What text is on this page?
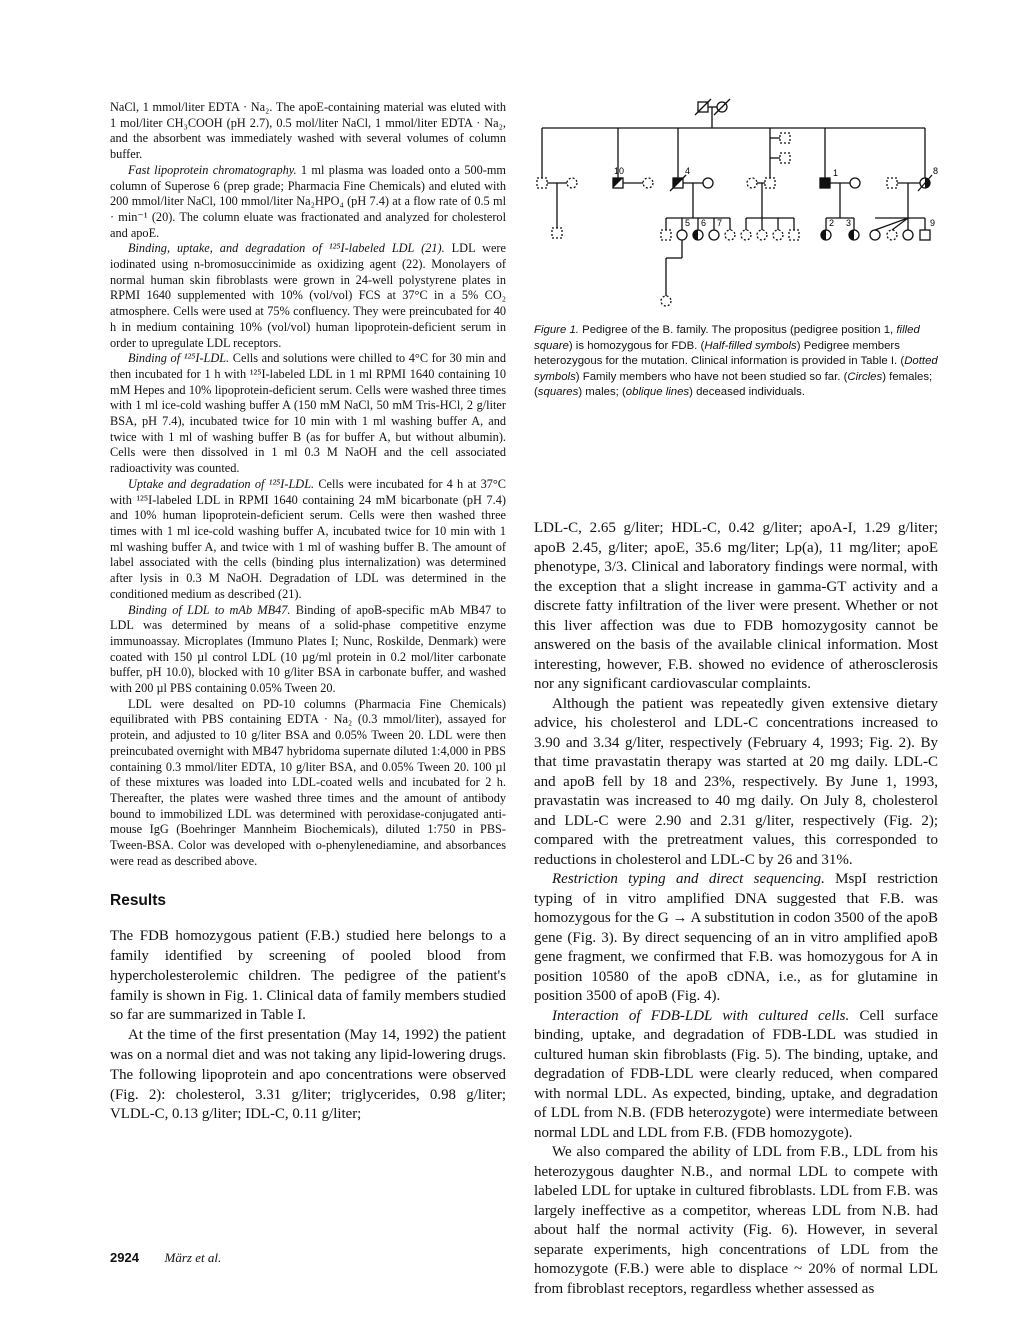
NaCl, 1 mmol/liter EDTA · Na₂. The apoE-containing material was eluted with 1 mol/liter CH₃COOH (pH 2.7), 0.5 mol/liter NaCl, 1 mmol/liter EDTA · Na₂, and the absorbent was immediately washed with several volumes of column buffer.

Fast lipoprotein chromatography. 1 ml plasma was loaded onto a 500-mm column of Superose 6 (prep grade; Pharmacia Fine Chemicals) and eluted with 200 mmol/liter NaCl, 100 mmol/liter Na₂HPO₄ (pH 7.4) at a flow rate of 0.5 ml · min⁻¹ (20). The column eluate was fractionated and analyzed for cholesterol and apoE.

Binding, uptake, and degradation of ¹²⁵I-labeled LDL (21). LDL were iodinated using n-bromosuccinimide as oxidizing agent (22). Monolayers of normal human skin fibroblasts were grown in 24-well polystyrene plates in RPMI 1640 supplemented with 10% (vol/vol) FCS at 37°C in a 5% CO₂ atmosphere. Cells were used at 75% confluency. They were preincubated for 40 h in medium containing 10% (vol/vol) human lipoprotein-deficient serum in order to upregulate LDL receptors.

Binding of ¹²⁵I-LDL. Cells and solutions were chilled to 4°C for 30 min and then incubated for 1 h with ¹²⁵I-labeled LDL in 1 ml RPMI 1640 containing 10 mM Hepes and 10% lipoprotein-deficient serum. Cells were washed three times with 1 ml ice-cold washing buffer A (150 mM NaCl, 50 mM Tris-HCl, 2 g/liter BSA, pH 7.4), incubated twice for 10 min with 1 ml washing buffer A, and twice with 1 ml of washing buffer B (as for buffer A, but without albumin). Cells were then dissolved in 1 ml 0.3 M NaOH and the cell associated radioactivity was counted.

Uptake and degradation of ¹²⁵I-LDL. Cells were incubated for 4 h at 37°C with ¹²⁵I-labeled LDL in RPMI 1640 containing 24 mM bicarbonate (pH 7.4) and 10% human lipoprotein-deficient serum. Cells were then washed three times with 1 ml ice-cold washing buffer A, incubated twice for 10 min with 1 ml washing buffer A, and twice with 1 ml of washing buffer B. The amount of label associated with the cells (binding plus internalization) was determined after lysis in 0.3 M NaOH. Degradation of LDL was determined in the conditioned medium as described (21).

Binding of LDL to mAb MB47. Binding of apoB-specific mAb MB47 to LDL was determined by means of a solid-phase competitive enzyme immunoassay. Microplates (Immuno Plates I; Nunc, Roskilde, Denmark) were coated with 150 µl control LDL (10 µg/ml protein in 0.2 mol/liter carbonate buffer, pH 10.0), blocked with 10 g/liter BSA in carbonate buffer, and washed with 200 µl PBS containing 0.05% Tween 20.

LDL were desalted on PD-10 columns (Pharmacia Fine Chemicals) equilibrated with PBS containing EDTA · Na₂ (0.3 mmol/liter), assayed for protein, and adjusted to 10 g/liter BSA and 0.05% Tween 20. LDL were then preincubated overnight with MB47 hybridoma supernate diluted 1:4,000 in PBS containing 0.3 mmol/liter EDTA, 10 g/liter BSA, and 0.05% Tween 20. 100 µl of these mixtures was loaded into LDL-coated wells and incubated for 2 h. Thereafter, the plates were washed three times and the amount of antibody bound to immobilized LDL was determined with peroxidase-conjugated anti-mouse IgG (Boehringer Mannheim Biochemicals), diluted 1:750 in PBS-Tween-BSA. Color was developed with o-phenylenediamine, and absorbances were read as described above.

Results

The FDB homozygous patient (F.B.) studied here belongs to a family identified by screening of pooled blood from hypercholesterolemic children. The pedigree of the patient's family is shown in Fig. 1. Clinical data of family members studied so far are summarized in Table I.

At the time of the first presentation (May 14, 1992) the patient was on a normal diet and was not taking any lipid-lowering drugs. The following lipoprotein and apo concentrations were observed (Fig. 2): cholesterol, 3.31 g/liter; triglycerides, 0.98 g/liter; VLDL-C, 0.13 g/liter; IDL-C, 0.11 g/liter;

10	4	1	8
5 6 7	2 3	9
Figure 1. Pedigree of the B. family. The propositus (pedigree position 1, filled square) is homozygous for FDB. (Half-filled symbols) Pedigree members heterozygous for the mutation. Clinical information is provided in Table I. (Dotted symbols) Family members who have not been studied so far. (Circles) females; (squares) males; (oblique lines) deceased individuals.

LDL-C, 2.65 g/liter; HDL-C, 0.42 g/liter; apoA-I, 1.29 g/liter; apoB 2.45, g/liter; apoE, 35.6 mg/liter; Lp(a), 11 mg/liter; apoE phenotype, 3/3. Clinical and laboratory findings were normal, with the exception that a slight increase in gamma-GT activity and a discrete fatty infiltration of the liver were present. Whether or not this liver affection was due to FDB homozygosity cannot be answered on the basis of the available clinical information. Most interesting, however, F.B. showed no evidence of atherosclerosis nor any significant cardiovascular complaints.

Although the patient was repeatedly given extensive dietary advice, his cholesterol and LDL-C concentrations increased to 3.90 and 3.34 g/liter, respectively (February 4, 1993; Fig. 2). By that time pravastatin therapy was started at 20 mg daily. LDL-C and apoB fell by 18 and 23%, respectively. By June 1, 1993, pravastatin was increased to 40 mg daily. On July 8, cholesterol and LDL-C were 2.90 and 2.31 g/liter, respectively (Fig. 2); compared with the pretreatment values, this corresponded to reductions in cholesterol and LDL-C by 26 and 31%.

Restriction typing and direct sequencing. MspI restriction typing of in vitro amplified DNA suggested that F.B. was homozygous for the G → A substitution in codon 3500 of the apoB gene (Fig. 3). By direct sequencing of an in vitro amplified apoB gene fragment, we confirmed that F.B. was homozygous for A in position 10580 of the apoB cDNA, i.e., as for glutamine in position 3500 of apoB (Fig. 4).

Interaction of FDB-LDL with cultured cells. Cell surface binding, uptake, and degradation of FDB-LDL was studied in cultured human skin fibroblasts (Fig. 5). The binding, uptake, and degradation of FDB-LDL were clearly reduced, when compared with normal LDL. As expected, binding, uptake, and degradation of LDL from N.B. (FDB heterozygote) were intermediate between normal LDL and LDL from F.B. (FDB homozygote).

We also compared the ability of LDL from F.B., LDL from his heterozygous daughter N.B., and normal LDL to compete with labeled LDL for uptake in cultured fibroblasts. LDL from F.B. was largely ineffective as a competitor, whereas LDL from N.B. had about half the normal activity (Fig. 6). However, in several separate experiments, high concentrations of LDL from the homozygote (F.B.) were able to displace ~ 20% of normal LDL from fibroblast receptors, regardless whether assessed as

2924 März et al.
